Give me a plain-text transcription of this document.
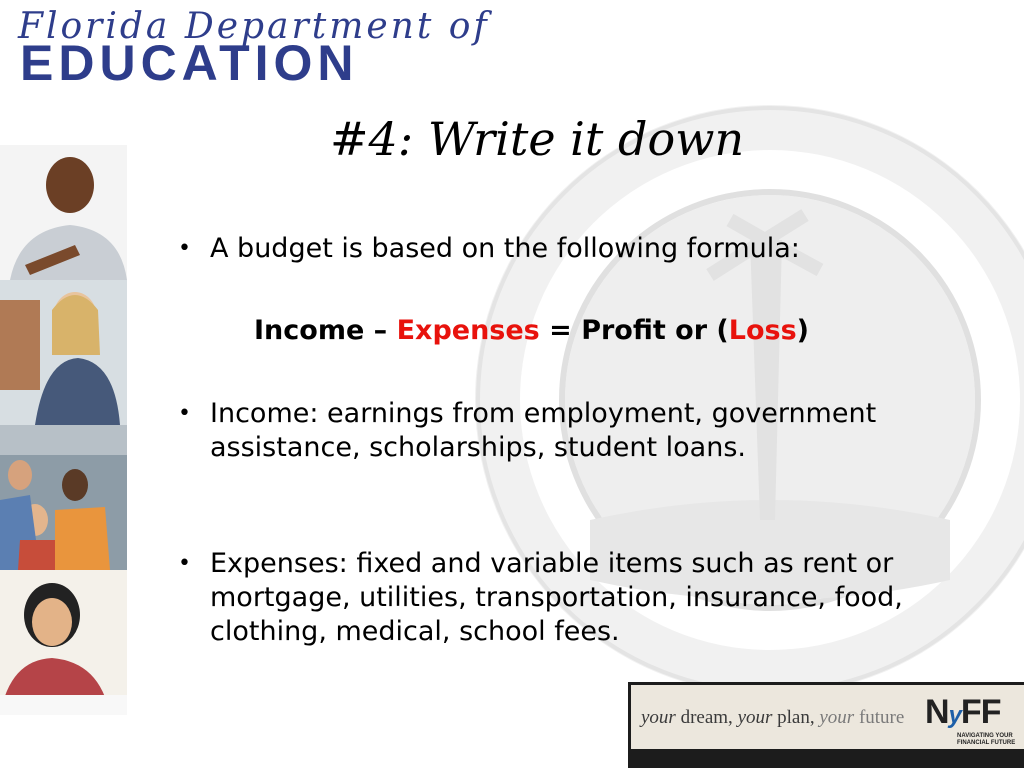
Florida Department of
EDUCATION
#4: Write it down
• A budget is based on the following formula:
Income – Expenses = Profit or (Loss)
• Income: earnings from employment, government assistance, scholarships, student loans.
• Expenses: fixed and variable items such as rent or mortgage, utilities, transportation, insurance, food, clothing, medical, school fees.
your dream, your plan, your future NyFF
NAVIGATING YOUR FINANCIAL FUTURE
